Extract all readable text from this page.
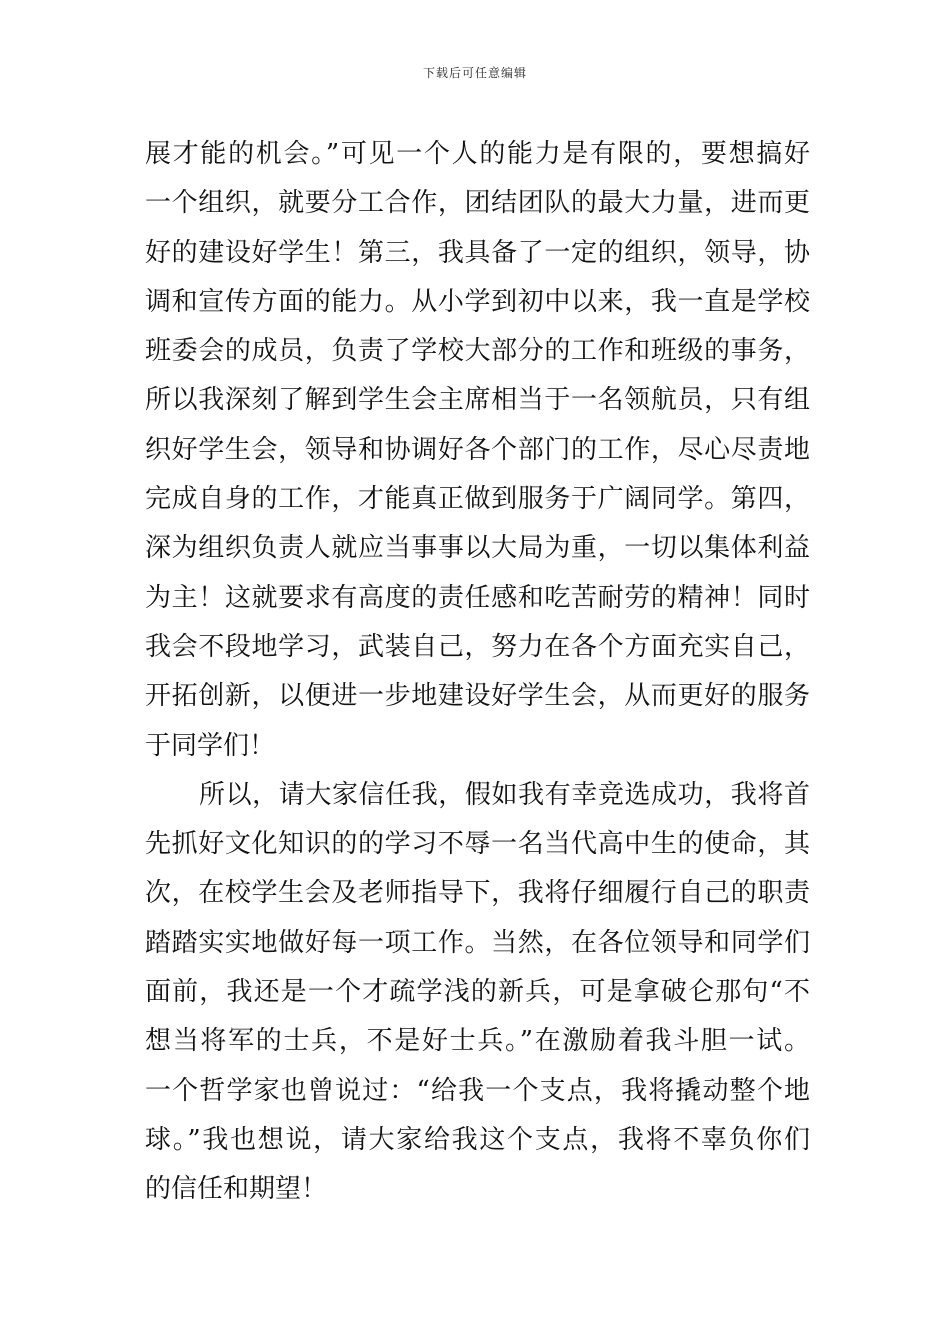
下载后可任意编辑
展才能的机会。”可见一个人的能力是有限的，要想搞好
一个组织，就要分工合作，团结团队的最大力量，进而更
好的建设好学生！第三，我具备了一定的组织，领导，协
调和宣传方面的能力。从小学到初中以来，我一直是学校
班委会的成员，负责了学校大部分的工作和班级的事务，
所以我深刻了解到学生会主席相当于一名领航员，只有组
织好学生会，领导和协调好各个部门的工作，尽心尽责地
完成自身的工作，才能真正做到服务于广阔同学。第四，
深为组织负责人就应当事事以大局为重，一切以集体利益
为主！这就要求有高度的责任感和吃苦耐劳的精神！同时
我会不段地学习，武装自己，努力在各个方面充实自己，
开拓创新，以便进一步地建设好学生会，从而更好的服务
于同学们！
所以，请大家信任我，假如我有幸竞选成功，我将首
先抓好文化知识的的学习不辱一名当代高中生的使命，其
次，在校学生会及老师指导下，我将仔细履行自己的职责
踏踏实实地做好每一项工作。当然，在各位领导和同学们
面前，我还是一个才疏学浅的新兵，可是拿破仑那句“不
想当将军的士兵，不是好士兵。”在激励着我斗胆一试。
一个哲学家也曾说过：“给我一个支点，我将撬动整个地
球。”我也想说，请大家给我这个支点，我将不辜负你们
的信任和期望！
